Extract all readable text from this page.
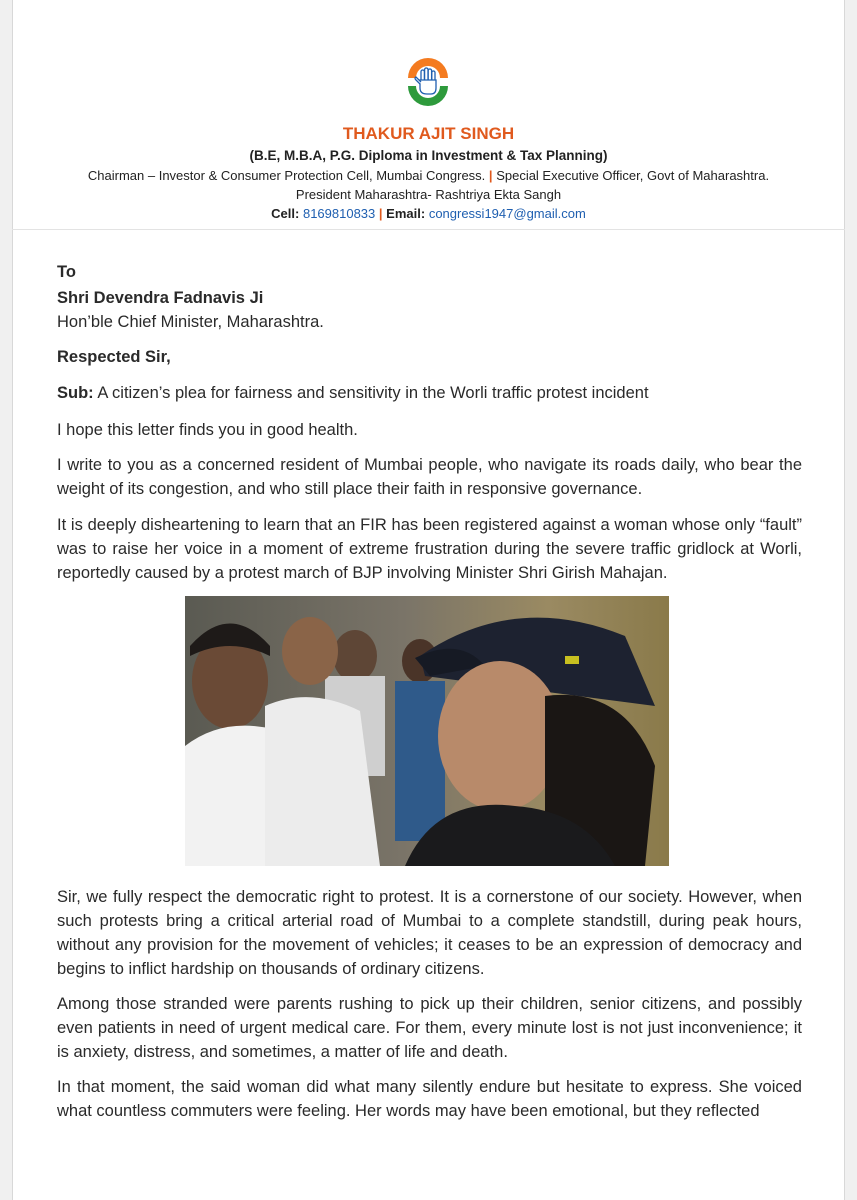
THAKUR AJIT SINGH
(B.E, M.B.A, P.G. Diploma in Investment & Tax Planning)
Chairman – Investor & Consumer Protection Cell, Mumbai Congress. | Special Executive Officer, Govt of Maharashtra.
President Maharashtra- Rashtriya Ekta Sangh
Cell: 8169810833 | Email: congressi1947@gmail.com
To
Shri Devendra Fadnavis Ji
Hon’ble Chief Minister, Maharashtra.
Respected Sir,
Sub: A citizen’s plea for fairness and sensitivity in the Worli traffic protest incident
I hope this letter finds you in good health.
I write to you as a concerned resident of Mumbai people, who navigate its roads daily, who bear the weight of its congestion, and who still place their faith in responsive governance.
It is deeply disheartening to learn that an FIR has been registered against a woman whose only “fault” was to raise her voice in a moment of extreme frustration during the severe traffic gridlock at Worli, reportedly caused by a protest march of BJP involving Minister Shri Girish Mahajan.
Sir, we fully respect the democratic right to protest. It is a cornerstone of our society. However, when such protests bring a critical arterial road of Mumbai to a complete standstill, during peak hours, without any provision for the movement of vehicles; it ceases to be an expression of democracy and begins to inflict hardship on thousands of ordinary citizens.
Among those stranded were parents rushing to pick up their children, senior citizens, and possibly even patients in need of urgent medical care. For them, every minute lost is not just inconvenience; it is anxiety, distress, and sometimes, a matter of life and death.
In that moment, the said woman did what many silently endure but hesitate to express. She voiced what countless commuters were feeling. Her words may have been emotional, but they reflected
